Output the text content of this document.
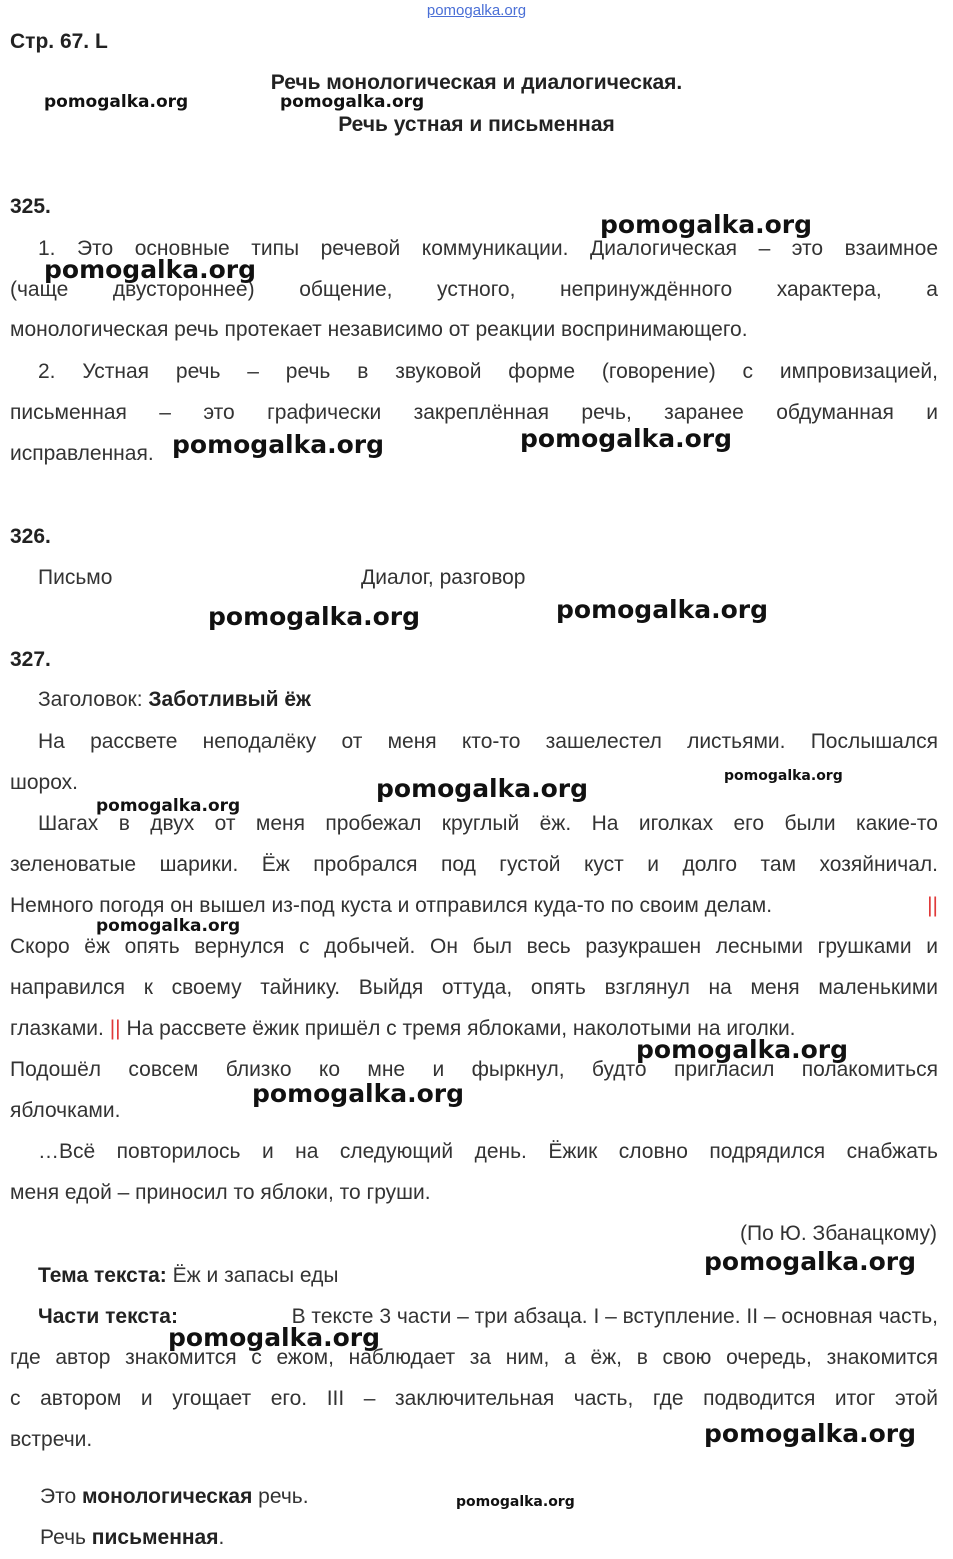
pomogalka.org
Стр. 67. L
Речь монологическая и диалогическая.
Речь устная и письменная
325.
1. Это основные типы речевой коммуникации. Диалогическая – это взаимное
(чаще двустороннее) общение, устного, непринуждённого характера, а
монологическая речь протекает независимо от реакции воспринимающего.
2. Устная речь – речь в звуковой форме (говорение) с импровизацией,
письменная – это графически закреплённая речь, заранее обдуманная и
исправленная.
326.
Письмо	Диалог, разговор
327.
Заголовок: Заботливый ёж
На рассвете неподалёку от меня кто-то зашелестел листьями. Послышался
шорох.
Шагах в двух от меня пробежал круглый ёж. На иголках его были какие-то
зеленоватые шарики. Ёж пробрался под густой куст и долго там хозяйничал.
Немного погодя он вышел из-под куста и отправился куда-то по своим делам.	||
Скоро ёж опять вернулся с добычей. Он был весь разукрашен лесными грушками и
направился к своему тайнику. Выйдя оттуда, опять взглянул на меня маленькими
глазками. || На рассвете ёжик пришёл с тремя яблоками, наколотыми на иголки.
Подошёл совсем близко ко мне и фыркнул, будто пригласил полакомиться
яблочками.
…Всё повторилось и на следующий день. Ёжик словно подрядился снабжать
меня едой – приносил то яблоки, то груши.
(По Ю. Збанацкому)
Тема текста: Ёж и запасы еды
Части текста:	В тексте 3 части – три абзаца. I – вступление. II – основная часть,
где автор знакомится с ежом, наблюдает за ним, а ёж, в свою очередь, знакомится
с автором и угощает его. III – заключительная часть, где подводится итог этой
встречи.
Это монологическая речь.
Речь письменная.
pomogalka.org	pomogalka.org
pomogalka.org
pomogalka.org
pomogalka.org
pomogalka.org
pomogalka.org
pomogalka.org
pomogalka.org
pomogalka.org
pomogalka.org
pomogalka.org
pomogalka.org
pomogalka.org
pomogalka.org
pomogalka.org
pomogalka.org
pomogalka.org
